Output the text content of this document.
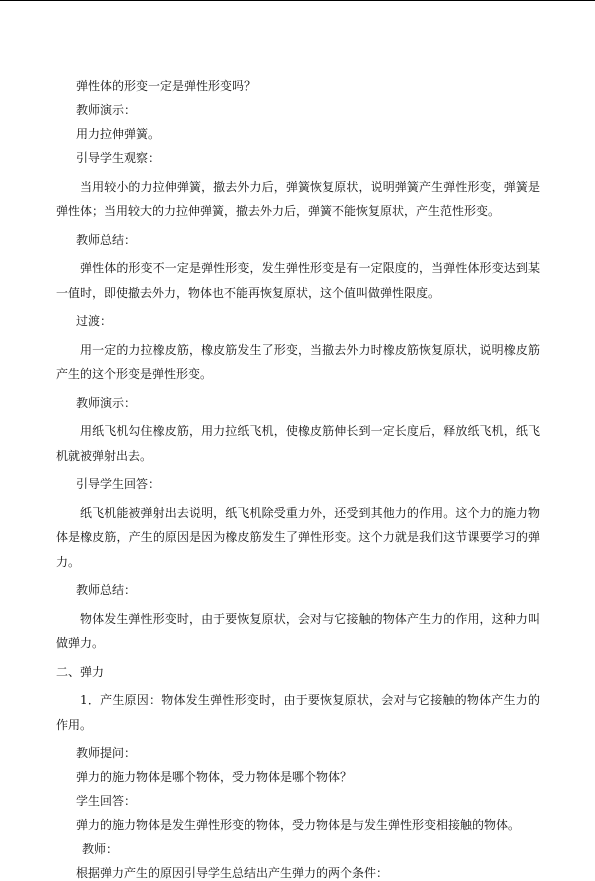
弹性体的形变一定是弹性形变吗？

教师演示：

用力拉伸弹簧。

引导学生观察：

当用较小的力拉伸弹簧，撤去外力后，弹簧恢复原状，说明弹簧产生弹性形变，弹簧是弹性体；当用较大的力拉伸弹簧，撤去外力后，弹簧不能恢复原状，产生范性形变。

教师总结：

弹性体的形变不一定是弹性形变，发生弹性形变是有一定限度的，当弹性体形变达到某一值时，即使撤去外力，物体也不能再恢复原状，这个值叫做弹性限度。

过渡：

用一定的力拉橡皮筋，橡皮筋发生了形变，当撤去外力时橡皮筋恢复原状，说明橡皮筋产生的这个形变是弹性形变。

教师演示：

用纸飞机勾住橡皮筋，用力拉纸飞机，使橡皮筋伸长到一定长度后，释放纸飞机，纸飞机就被弹射出去。

引导学生回答：

纸飞机能被弹射出去说明，纸飞机除受重力外，还受到其他力的作用。这个力的施力物体是橡皮筋，产生的原因是因为橡皮筋发生了弹性形变。这个力就是我们这节课要学习的弹力。

教师总结：

物体发生弹性形变时，由于要恢复原状，会对与它接触的物体产生力的作用，这种力叫做弹力。

二、弹力

1．产生原因：物体发生弹性形变时，由于要恢复原状，会对与它接触的物体产生力的作用。

教师提问：

弹力的施力物体是哪个物体，受力物体是哪个物体？

学生回答：

弹力的施力物体是发生弹性形变的物体，受力物体是与发生弹性形变相接触的物体。

教师：

根据弹力产生的原因引导学生总结出产生弹力的两个条件：
